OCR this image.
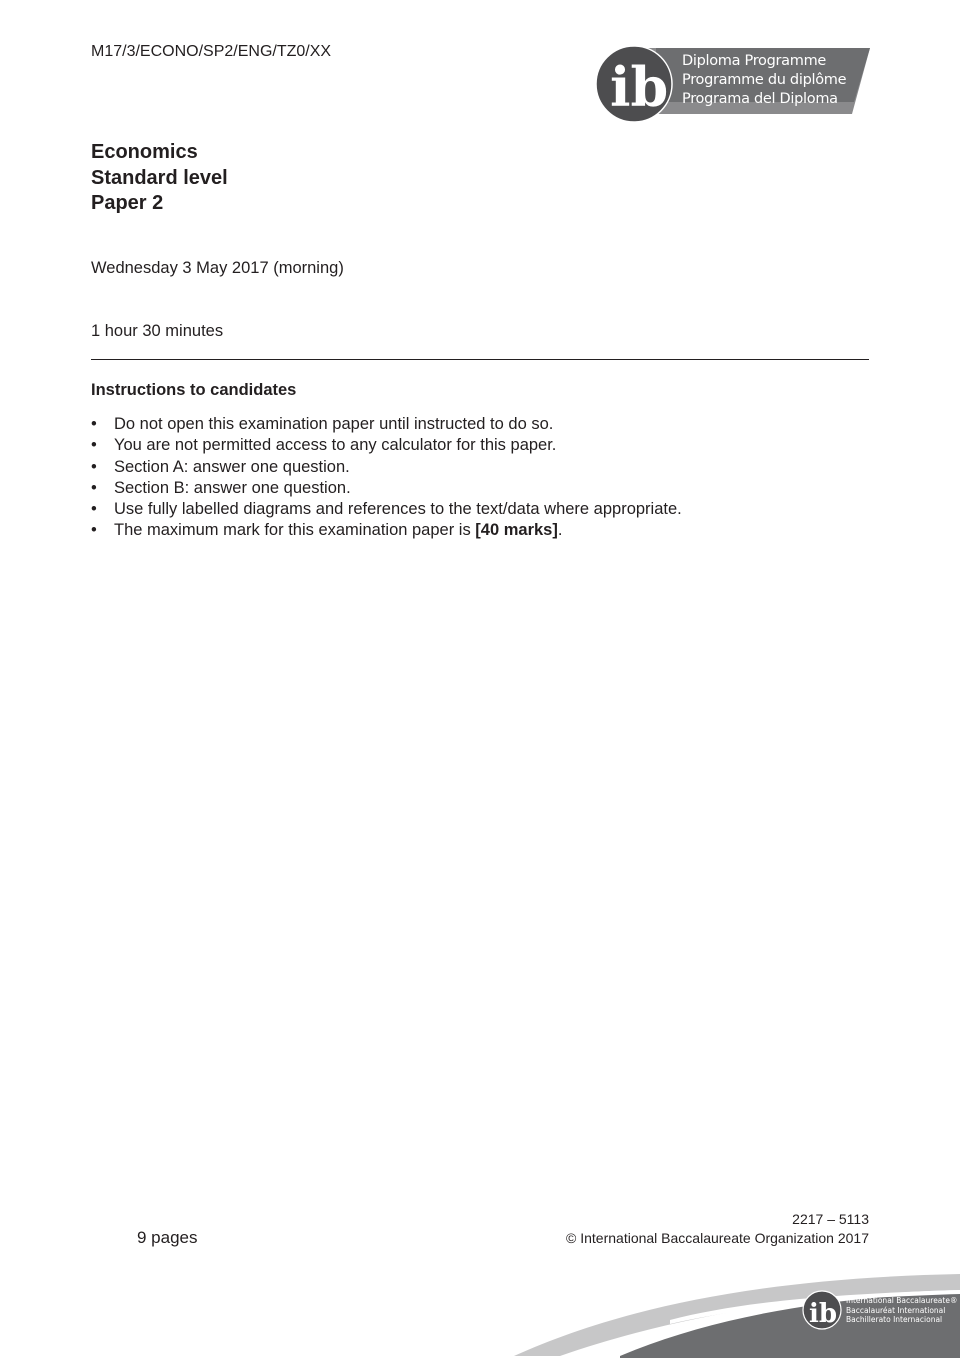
M17/3/ECONO/SP2/ENG/TZ0/XX
ib Diploma Programme
Programme du diplôme
Programa del Diploma
Economics
Standard level
Paper 2
Wednesday 3 May 2017 (morning)
1 hour 30 minutes
Instructions to candidates
• Do not open this examination paper until instructed to do so.
• You are not permitted access to any calculator for this paper.
• Section A: answer one question.
• Section B: answer one question.
• Use fully labelled diagrams and references to the text/data where appropriate.
• The maximum mark for this examination paper is [40 marks].
9 pages
2217 – 5113
© International Baccalaureate Organization 2017
ib International Baccalaureate®
Baccalauréat International
Bachillerato Internacional
